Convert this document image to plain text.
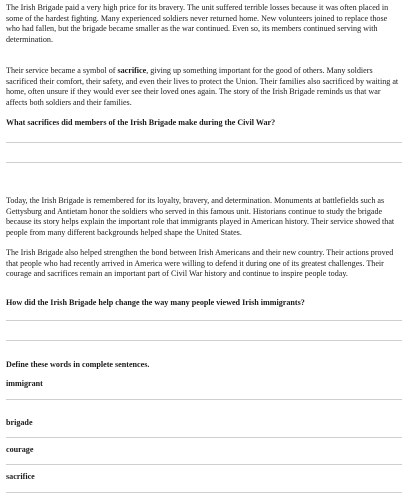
The Irish Brigade paid a very high price for its bravery. The unit suffered terrible losses because it was often placed in some of the hardest fighting. Many experienced soldiers never returned home. New volunteers joined to replace those who had fallen, but the brigade became smaller as the war continued. Even so, its members continued serving with determination.

Their service became a symbol of sacrifice, giving up something important for the good of others. Many soldiers sacrificed their comfort, their safety, and even their lives to protect the Union. Their families also sacrificed by waiting at home, often unsure if they would ever see their loved ones again. The story of the Irish Brigade reminds us that war affects both soldiers and their families.

What sacrifices did members of the Irish Brigade make during the Civil War?

Today, the Irish Brigade is remembered for its loyalty, bravery, and determination. Monuments at battlefields such as Gettysburg and Antietam honor the soldiers who served in this famous unit. Historians continue to study the brigade because its story helps explain the important role that immigrants played in American history. Their service showed that people from many different backgrounds helped shape the United States.

The Irish Brigade also helped strengthen the bond between Irish Americans and their new country. Their actions proved that people who had recently arrived in America were willing to defend it during one of its greatest challenges. Their courage and sacrifices remain an important part of Civil War history and continue to inspire people today.

How did the Irish Brigade help change the way many people viewed Irish immigrants?

Define these words in complete sentences.

immigrant

brigade

courage

sacrifice
